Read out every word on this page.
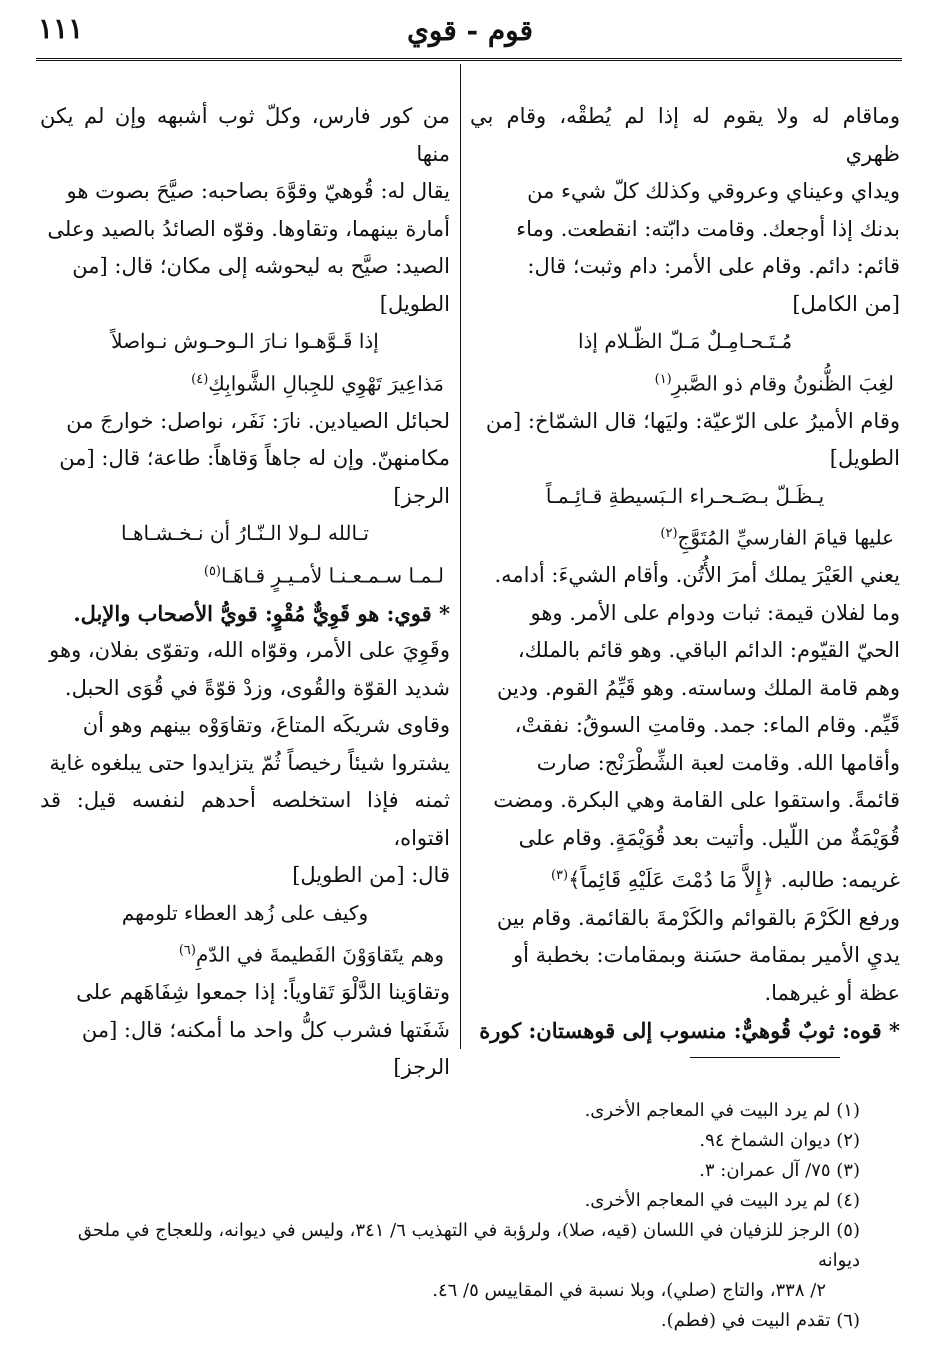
١١١	قوم - قوي

وماقام له ولا يقوم له إذا لم يُطقْه، وقام بي ظهري

ويداي وعيناي وعروقي وكذلك كلّ شيء من

بدنك إذا أوجعك. وقامت دابّته: انقطعت. وماء

قائم: دائم. وقام على الأمر: دام وثبت؛ قال:

[من الكامل]

مُـتَـحـامِـلٌ مَـلّ الظّـلام إذا

لغِبَ الظُّنونُ وقام ذو الصَّبرِ$^{(١)}$

وقام الأميرُ على الرّعيّة: وليَها؛ قال الشمّاخ: [من

الطويل]

يـظَـلّ بـصَـحـراء الـبَسيطةِ قـائِـمـاً

عليها قيامَ الفارسيِّ المُتَوَّجِ$^{(٢)}$

يعني العَيْرَ يملك أمرَ الأُتُن. وأقام الشيءَ: أدامه.

وما لفلان قيمة: ثبات ودوام على الأمر. وهو

الحيّ القيّوم: الدائم الباقي. وهو قائم بالملك،

وهم قامة الملك وساسته. وهو قَيِّمُ القوم. ودين

قَيِّم. وقام الماء: جمد. وقامتِ السوقُ: نفقتْ،

وأقامها الله. وقامت لعبة الشِّطْرَنْج: صارت

قائمةً. واستقوا على القامة وهي البكرة. ومضت

قُوَيْمَةٌ من اللّيل. وأتيت بعد قُوَيْمَةٍ. وقام على

غريمه: طالبه. ﴿إِلاَّ مَا دُمْتَ عَلَيْهِ قَائِماً﴾$^{(٣)}$

ورفع الكَرْمَ بالقوائم والكَرْمةَ بالقائمة. وقام بين

يديِ الأمير بمقامة حسَنة وبمقامات: بخطبة أو

عظة أو غيرهما.

* قوه: ثوبٌ قُوهيٌّ: منسوب إلى قوهستان: كورة

من كور فارس، وكلّ ثوب أشبهه وإن لم يكن منها

يقال له: قُوهيّ وقوَّهَ بصاحبه: صيَّحَ بصوت هو

أمارة بينهما، وتقاوها. وقوّه الصائدُ بالصيد وعلى

الصيد: صيَّح به ليحوشه إلى مكان؛ قال: [من

الطويل]

إذا قَـوَّهـوا نـارَ الـوحـوش نـواصلاً

مَذاعِيرَ تَهْوِي للجِبالِ الشَّوابِكِ$^{(٤)}$

لحبائل الصيادين. نارَ: نَفَر، نواصل: خوارجَ من

مكامنهنّ. وإن له جاهاً وَقاهاً: طاعة؛ قال: [من

الرجز]

تـالله لـولا الـنّـارُ أن نـخـشـاهـا

لـمـا سـمـعـنـا لأمـيـرٍ قـاهَـا$^{(٥)}$

* قوي: هو قَوِيٌّ مُقْوٍ: قويُّ الأصحاب والإبل.

وقَوِيَ على الأمر، وقوّاه الله، وتقوّى بفلان، وهو

شديد القوّة والقُوى، وزدْ قوّةً في قُوَى الحبل.

وقاوى شريكَه المتاعَ، وتقاوَوْه بينهم وهو أن

يشتروا شيئاً رخيصاً ثُمّ يتزايدوا حتى يبلغوه غاية

ثمنه فإذا استخلصه أحدهم لنفسه قيل: قد اقتواه،

قال: [من الطويل]

وكيف على زُهد العطاء تلومهم

وهم يتَقاوَوْنَ الفَطيمةَ في الدّمِ$^{(٦)}$

وتقاوَينا الدَّلْوَ تَقاوياً: إذا جمعوا شِفَاهَهم على

شَفَتها فشرب كلُّ واحد ما أمكنه؛ قال: [من

الرجز]

(١) لم يرد البيت في المعاجم الأخرى.
(٢) ديوان الشماخ ٩٤.
(٣) ٧٥/ آل عمران: ٣.
(٤) لم يرد البيت في المعاجم الأخرى.
(٥) الرجز للزفيان في اللسان (قيه، صلا)، ولرؤبة في التهذيب ٦/ ٣٤١، وليس في ديوانه، وللعجاج في ملحق ديوانه
٢/ ٣٣٨، والتاج (صلي)، وبلا نسبة في المقاييس ٥/ ٤٦.
(٦) تقدم البيت في (فطم).
